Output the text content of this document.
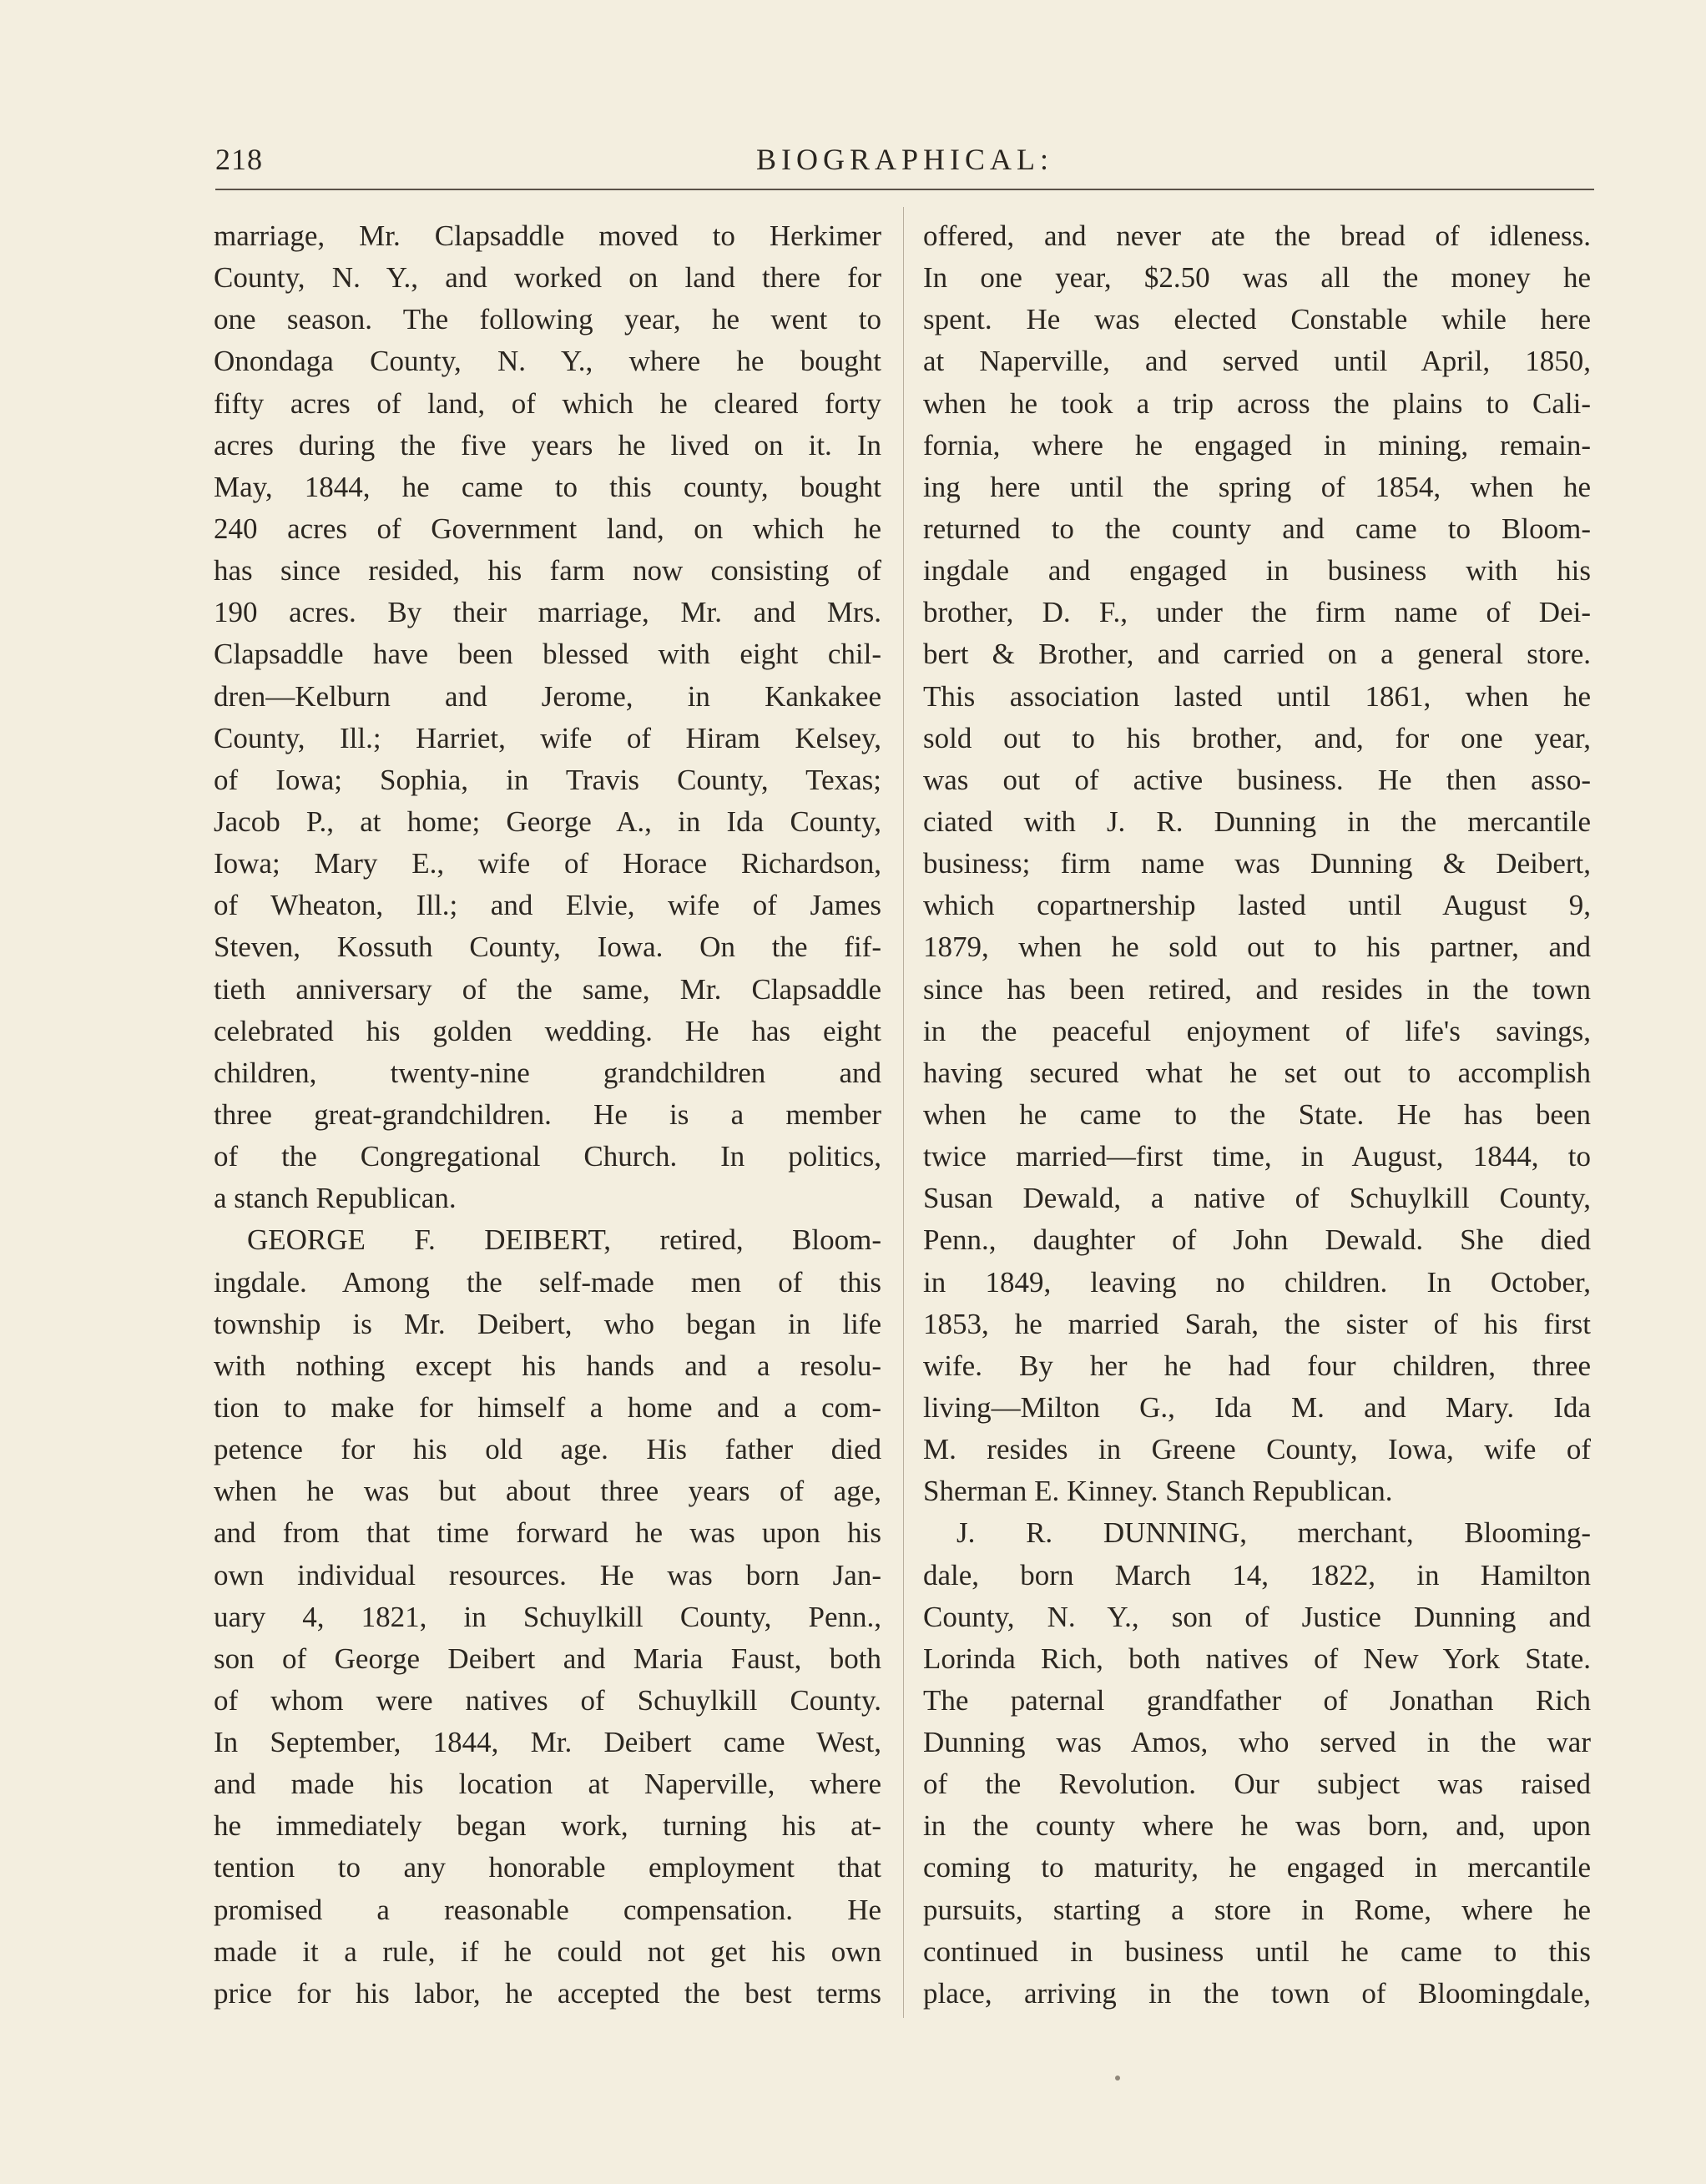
218	BIOGRAPHICAL:
marriage, Mr. Clapsaddle moved to Herkimer
County, N. Y., and worked on land there for
one season. The following year, he went to
Onondaga County, N. Y., where he bought
fifty acres of land, of which he cleared forty
acres during the five years he lived on it. In
May, 1844, he came to this county, bought
240 acres of Government land, on which he
has since resided, his farm now consisting of
190 acres. By their marriage, Mr. and Mrs.
Clapsaddle have been blessed with eight chil-
dren—Kelburn and Jerome, in Kankakee
County, Ill.; Harriet, wife of Hiram Kelsey,
of Iowa; Sophia, in Travis County, Texas;
Jacob P., at home; George A., in Ida County,
Iowa; Mary E., wife of Horace Richardson,
of Wheaton, Ill.; and Elvie, wife of James
Steven, Kossuth County, Iowa. On the fif-
tieth anniversary of the same, Mr. Clapsaddle
celebrated his golden wedding. He has eight
children, twenty-nine grandchildren and
three great-grandchildren. He is a member
of the Congregational Church. In politics,
a stanch Republican.
GEORGE F. DEIBERT, retired, Bloom-
ingdale. Among the self-made men of this
township is Mr. Deibert, who began in life
with nothing except his hands and a resolu-
tion to make for himself a home and a com-
petence for his old age. His father died
when he was but about three years of age,
and from that time forward he was upon his
own individual resources. He was born Jan-
uary 4, 1821, in Schuylkill County, Penn.,
son of George Deibert and Maria Faust, both
of whom were natives of Schuylkill County.
In September, 1844, Mr. Deibert came West,
and made his location at Naperville, where
he immediately began work, turning his at-
tention to any honorable employment that
promised a reasonable compensation. He
made it a rule, if he could not get his own
price for his labor, he accepted the best terms
offered, and never ate the bread of idleness.
In one year, $2.50 was all the money he
spent. He was elected Constable while here
at Naperville, and served until April, 1850,
when he took a trip across the plains to Cali-
fornia, where he engaged in mining, remain-
ing here until the spring of 1854, when he
returned to the county and came to Bloom-
ingdale and engaged in business with his
brother, D. F., under the firm name of Dei-
bert & Brother, and carried on a general store.
This association lasted until 1861, when he
sold out to his brother, and, for one year,
was out of active business. He then asso-
ciated with J. R. Dunning in the mercantile
business; firm name was Dunning & Deibert,
which copartnership lasted until August 9,
1879, when he sold out to his partner, and
since has been retired, and resides in the town
in the peaceful enjoyment of life's savings,
having secured what he set out to accomplish
when he came to the State. He has been
twice married—first time, in August, 1844, to
Susan Dewald, a native of Schuylkill County,
Penn., daughter of John Dewald. She died
in 1849, leaving no children. In October,
1853, he married Sarah, the sister of his first
wife. By her he had four children, three
living—Milton G., Ida M. and Mary. Ida
M. resides in Greene County, Iowa, wife of
Sherman E. Kinney. Stanch Republican.
J. R. DUNNING, merchant, Blooming-
dale, born March 14, 1822, in Hamilton
County, N. Y., son of Justice Dunning and
Lorinda Rich, both natives of New York State.
The paternal grandfather of Jonathan Rich
Dunning was Amos, who served in the war
of the Revolution. Our subject was raised
in the county where he was born, and, upon
coming to maturity, he engaged in mercantile
pursuits, starting a store in Rome, where he
continued in business until he came to this
place, arriving in the town of Bloomingdale,
